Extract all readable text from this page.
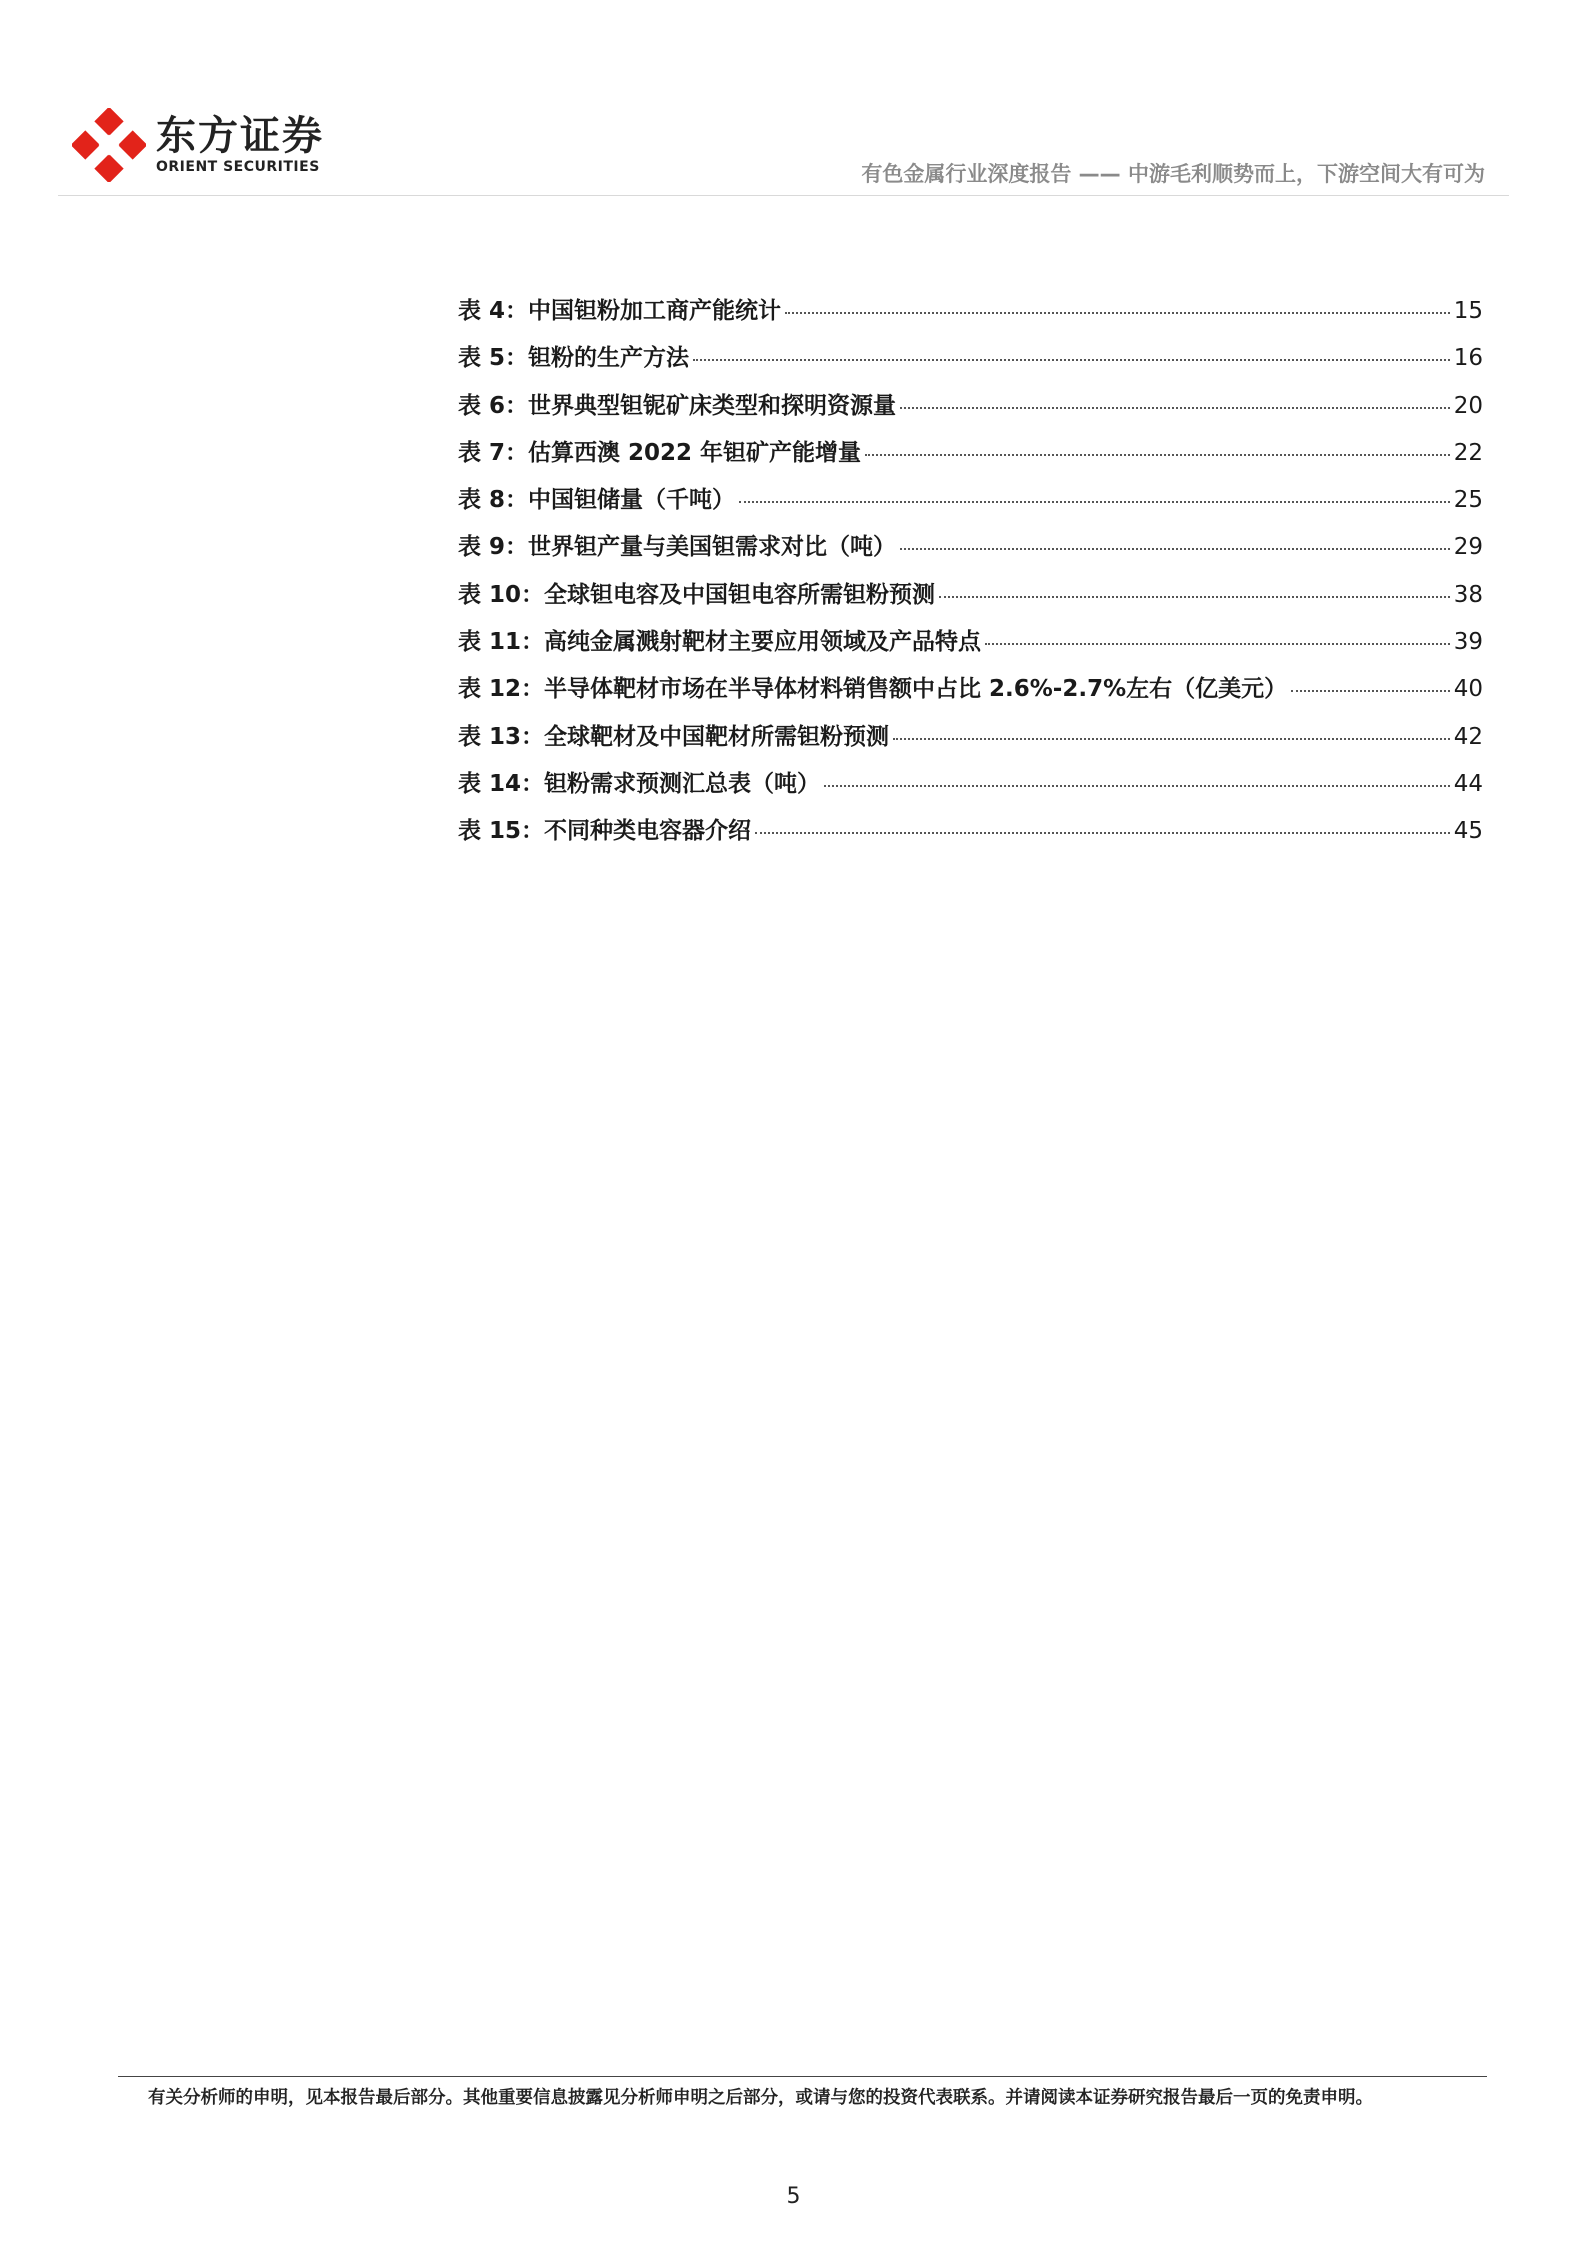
东方证券
ORIENT SECURITIES	有色金属行业深度报告 —— 中游毛利顺势而上，下游空间大有可为
表 4：中国钽粉加工商产能统计	15
表 5：钽粉的生产方法	16
表 6：世界典型钽铌矿床类型和探明资源量	20
表 7：估算西澳 2022 年钽矿产能增量	22
表 8：中国钽储量（千吨）	25
表 9：世界钽产量与美国钽需求对比（吨）	29
表 10：全球钽电容及中国钽电容所需钽粉预测	38
表 11：高纯金属溅射靶材主要应用领域及产品特点	39
表 12：半导体靶材市场在半导体材料销售额中占比 2.6%-2.7%左右（亿美元）	40
表 13：全球靶材及中国靶材所需钽粉预测	42
表 14：钽粉需求预测汇总表（吨）	44
表 15：不同种类电容器介绍	45
有关分析师的申明，见本报告最后部分。其他重要信息披露见分析师申明之后部分，或请与您的投资代表联系。并请阅读本证券研究报告最后一页的免责申明。
5
